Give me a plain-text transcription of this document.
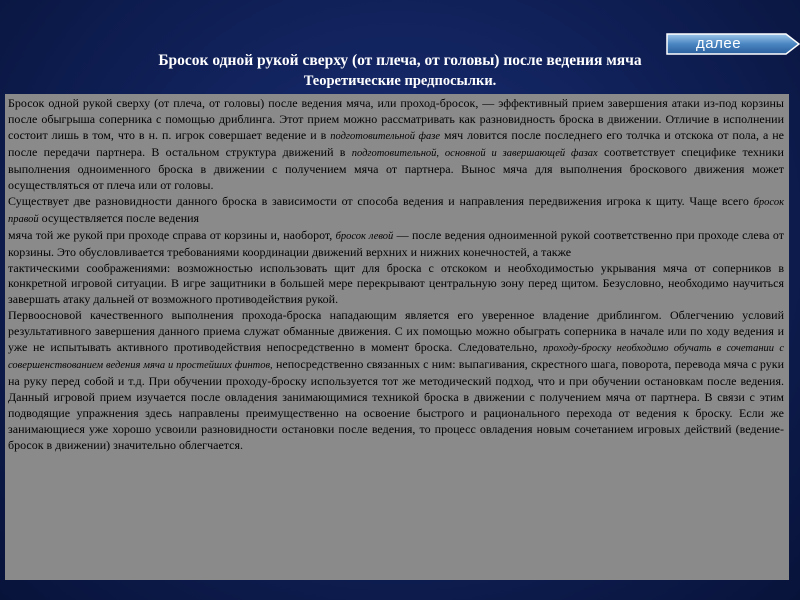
далее
Бросок одной рукой сверху (от плеча, от головы) после ведения мяча
Теоретические предпосылки.

Бросок одной рукой сверху (от плеча, от головы) после ведения мяча, или проход-бросок, — эффективный прием завершения атаки из-под корзины после обыгрыша соперника с помощью дриблинга. Этот прием можно рассматривать как разновидность броска в движении. Отличие в исполнении состоит лишь в том, что в н. п. игрок совершает ведение и в подготовительной фазе мяч ловится после последнего его толчка и отскока от пола, а не после передачи партнера. В остальном структура движений в подготовительной, основной и завершающей фазах соответствует специфике техники выполнения одноименного броска в движении с получением мяча от партнера. Вынос мяча для выполнения броскового движения может осуществляться от плеча или от головы.

Существует две разновидности данного броска в зависимости от способа ведения и направления передвижения игрока к щиту. Чаще всего бросок правой осуществляется после ведения

мяча той же рукой при проходе справа от корзины и, наоборот, бросок левой — после ведения одноименной рукой соответственно при проходе слева от корзины. Это обусловливается требованиями координации движений верхних и нижних конечностей, а также

тактическими соображениями: возможностью использовать щит для броска с отскоком и необходимостью укрывания мяча от соперников в конкретной игровой ситуации. В игре защитники в большей мере перекрывают центральную зону перед щитом. Безусловно, необходимо научиться завершать атаку дальней от возможного противодействия рукой.

Первоосновой качественного выполнения прохода-броска нападающим является его уверенное владение дриблингом. Облегчению условий результативного завершения данного приема служат обманные движения. С их помощью можно обыграть соперника в начале или по ходу ведения и уже не испытывать активного противодействия непосредственно в момент броска. Следовательно, проходу-броску необходимо обучать в сочетании с совершенствованием ведения мяча и простейших финтов, непосредственно связанных с ним: выпагивания, скрестного шага, поворота, перевода мяча с руки на руку перед собой и т.д. При обучении проходу-броску используется тот же методический подход, что и при обучении остановкам после ведения. Данный игровой прием изучается после овладения занимающимися техникой броска в движении с получением мяча от партнера. В связи с этим подводящие упражнения здесь направлены преимущественно на освоение быстрого и рационального перехода от ведения к броску. Если же занимающиеся уже хорошо усвоили разновидности остановки после ведения, то процесс овладения новым сочетанием игровых действий (ведение-бросок в движении) значительно облегчается.
